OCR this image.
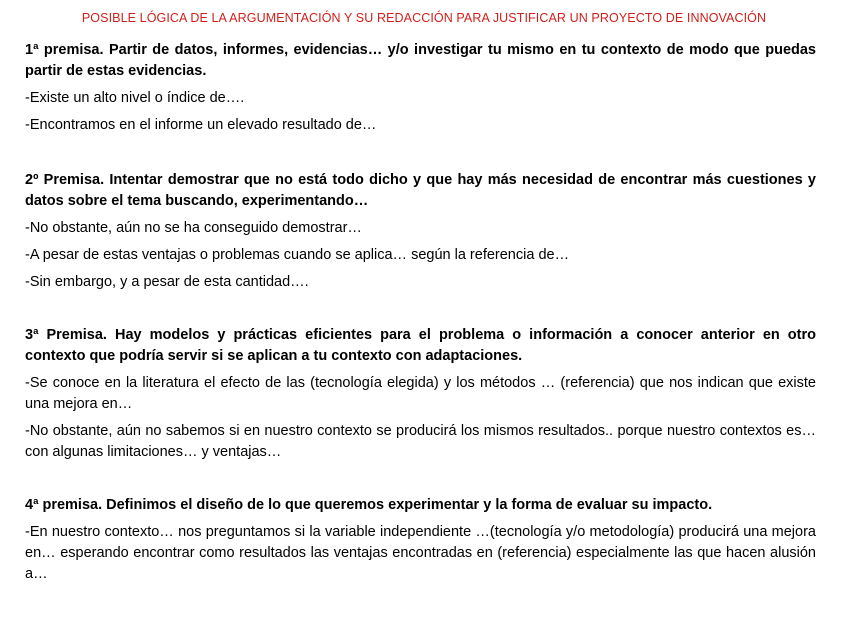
POSIBLE LÓGICA DE LA ARGUMENTACIÓN Y SU REDACCIÓN PARA JUSTIFICAR UN PROYECTO DE INNOVACIÓN

1ª premisa. Partir de datos, informes, evidencias… y/o investigar tu mismo en tu contexto de modo que puedas partir de estas evidencias.

-Existe un alto nivel o índice de….

-Encontramos en el informe un elevado resultado de…

2º Premisa. Intentar demostrar que no está todo dicho y que hay más necesidad de encontrar más cuestiones y datos sobre el tema buscando, experimentando…

-No obstante, aún no se ha conseguido demostrar…

-A pesar de estas ventajas o problemas cuando se aplica… según la referencia de…

-Sin embargo, y a pesar de esta cantidad….

3ª Premisa. Hay modelos y prácticas eficientes para el problema o información a conocer anterior en otro contexto que podría servir si se aplican a tu contexto con adaptaciones.

-Se conoce en la literatura el efecto de las (tecnología elegida) y los métodos … (referencia) que nos indican que existe una mejora en…

-No obstante, aún no sabemos si en nuestro contexto se producirá los mismos resultados.. porque nuestro contextos es… con algunas limitaciones… y ventajas…

4ª premisa. Definimos el diseño de lo que queremos experimentar y la forma de evaluar su impacto.

-En nuestro contexto… nos preguntamos si la variable independiente …(tecnología y/o metodología) producirá una mejora en… esperando encontrar como resultados las ventajas encontradas en (referencia) especialmente las que hacen alusión a…
